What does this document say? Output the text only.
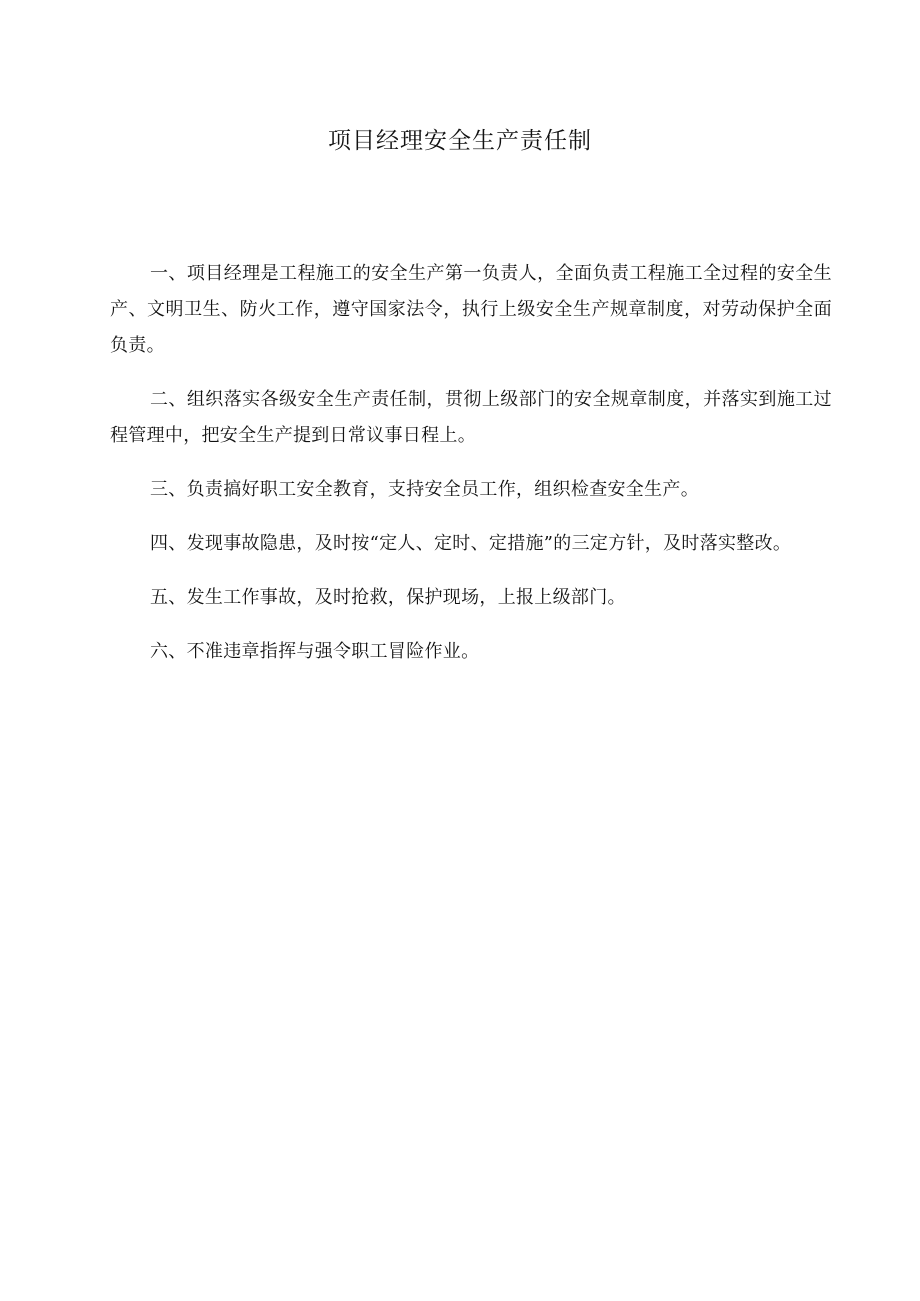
项目经理安全生产责任制

一、项目经理是工程施工的安全生产第一负责人，全面负责工程施工全过程的安全生产、文明卫生、防火工作，遵守国家法令，执行上级安全生产规章制度，对劳动保护全面负责。

二、组织落实各级安全生产责任制，贯彻上级部门的安全规章制度，并落实到施工过程管理中，把安全生产提到日常议事日程上。

三、负责搞好职工安全教育，支持安全员工作，组织检查安全生产。

四、发现事故隐患，及时按“定人、定时、定措施”的三定方针，及时落实整改。

五、发生工作事故，及时抢救，保护现场，上报上级部门。

六、不准违章指挥与强令职工冒险作业。
